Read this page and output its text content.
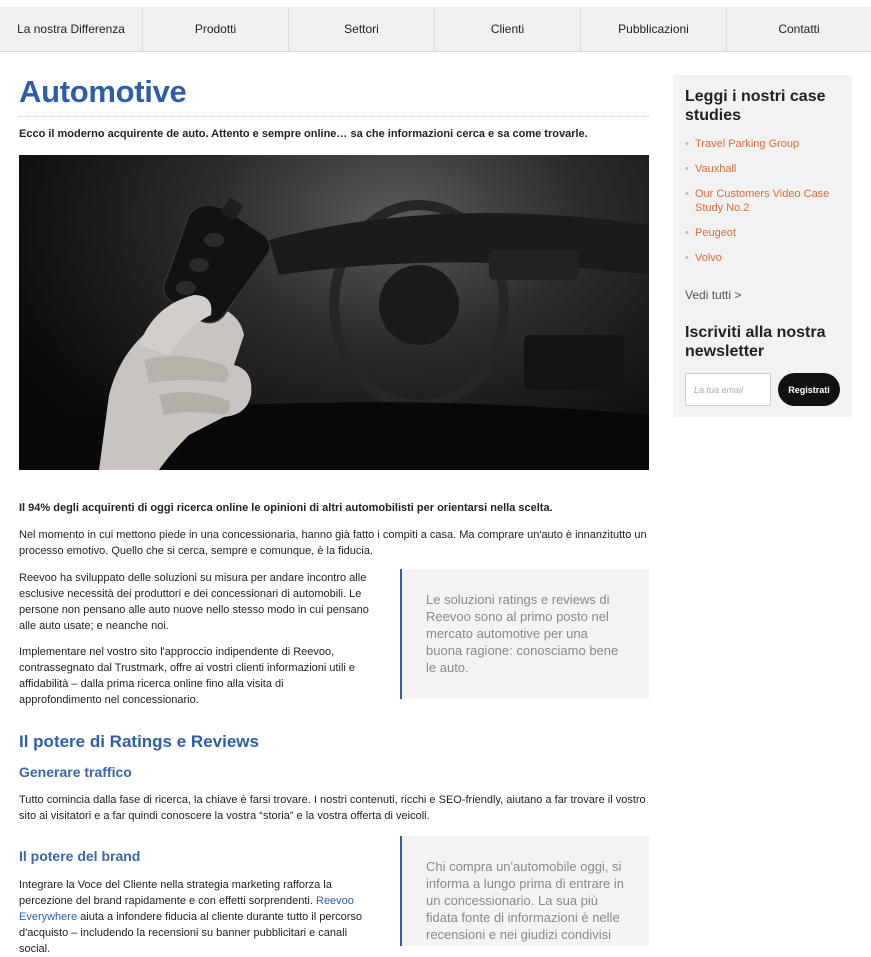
La nostra Differenza	Prodotti	Settori	Clienti	Pubblicazioni	Contatti
Automotive

Ecco il moderno acquirente de auto. Attento e sempre online… sa che informazioni cerca e sa come trovarle.

Il 94% degli acquirenti di oggi ricerca online le opinioni di altri automobilisti per orientarsi nella scelta.

Nel momento in cui mettono piede in una concessionaria, hanno già fatto i compiti a casa. Ma comprare un'auto è innanzitutto un processo emotivo. Quello che si cerca, sempre e comunque, è la fiducia.

Reevoo ha sviluppato delle soluzioni su misura per andare incontro alle esclusive necessità dei produttori e dei concessionari di automobili. Le persone non pensano alle auto nuove nello stesso modo in cui pensano alle auto usate; e neanche noi.

Implementare nel vostro sito l'approccio indipendente di Reevoo, contrassegnato dal Trustmark, offre ai vostri clienti informazioni utili e affidabilità – dalla prima ricerca online fino alla visita di approfondimento nel concessionario.

Le soluzioni ratings e reviews di Reevoo sono al primo posto nel mercato automotive per una buona ragione: conosciamo bene le auto.
Il potere di Ratings e Reviews
Generare traffico

Tutto comincia dalla fase di ricerca, la chiave è farsi trovare. I nostri contenuti, ricchi e SEO-friendly, aiutano a far trovare il vostro sito ai visitatori e a far quindi conoscere la vostra “storia” e la vostra offerta di veicoli.

Il potere del brand

Integrare la Voce del Cliente nella strategia marketing rafforza la percezione del brand rapidamente e con effetti sorprendenti. Reevoo Everywhere aiuta a infondere fiducia al cliente durante tutto il percorso d'acquisto – includendo la recensioni su banner pubblicitari e canali social.

Chi compra un'automobile oggi, si informa a lungo prima di entrare in un concessionario. La sua più fidata fonte di informazioni è nelle recensioni e nei giudizi condivisi
Leggi i nostri case studies
• Travel Parking Group
• Vauxhall
• Our Customers Video Case Study No.2
• Peugeot
• Volvo
Vedi tutti >
Iscriviti alla nostra newsletter
La tua email
Registrati
